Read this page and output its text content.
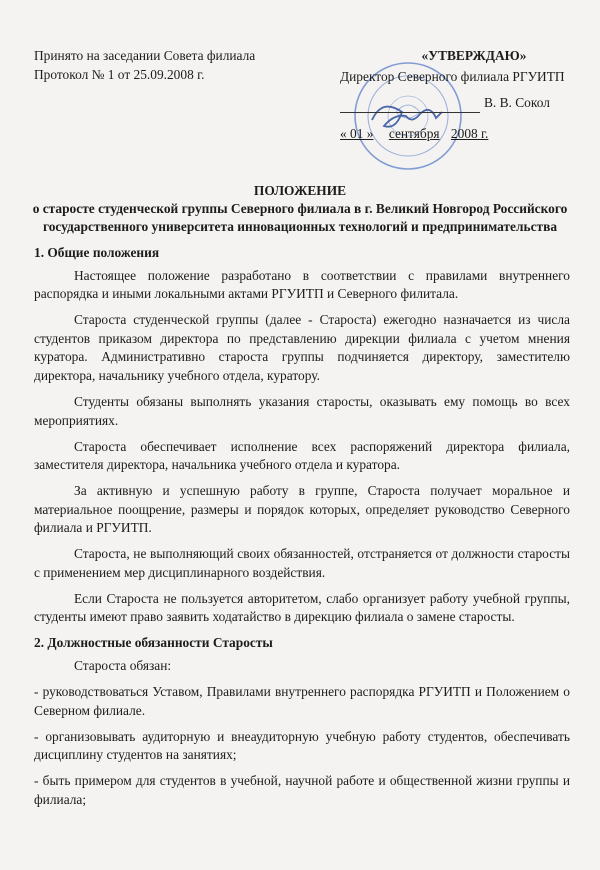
Принято на заседании Совета филиала
Протокол № 1 от 25.09.2008 г.
«УТВЕРЖДАЮ»
Директор Северного филиала РГУИТП
В. В. Сокол
« 01 » сентября 2008 г.
ПОЛОЖЕНИЕ
о старосте студенческой группы Северного филиала в г. Великий Новгород Российского
государственного университета инновационных технологий и предпринимательства
1. Общие положения

Настоящее положение разработано в соответствии с правилами внутреннего распорядка и иными локальными актами РГУИТП и Северного филитала.

Староста студенческой группы (далее - Староста) ежегодно назначается из числа студентов приказом директора по представлению дирекции филиала с учетом мнения куратора. Административно староста группы подчиняется директору, заместителю директора, начальнику учебного отдела, куратору.

Студенты обязаны выполнять указания старосты, оказывать ему помощь во всех мероприятиях.

Староста обеспечивает исполнение всех распоряжений директора филиала, заместителя директора, начальника учебного отдела и куратора.

За активную и успешную работу в группе, Староста получает моральное и материальное поощрение, размеры и порядок которых, определяет руководство Северного филиала и РГУИТП.

Староста, не выполняющий своих обязанностей, отстраняется от должности старосты с применением мер дисциплинарного воздействия.

Если Староста не пользуется авторитетом, слабо организует работу учебной группы, студенты имеют право заявить ходатайство в дирекцию филиала о замене старосты.

2. Должностные обязанности Старосты

Староста обязан:

- руководствоваться Уставом, Правилами внутреннего распорядка РГУИТП и Положением о Северном филиале.

- организовывать аудиторную и внеаудиторную учебную работу студентов, обеспечивать дисциплину студентов на занятиях;

- быть примером для студентов в учебной, научной работе и общественной жизни группы и филиала;
